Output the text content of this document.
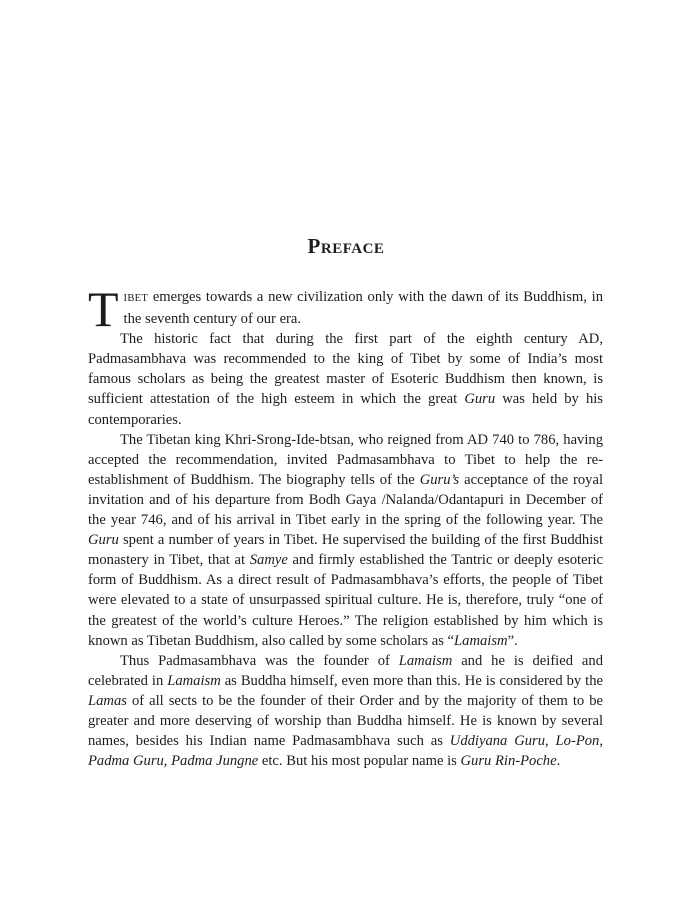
Preface

TIBET emerges towards a new civilization only with the dawn of its Buddhism, in the seventh century of our era.

The historic fact that during the first part of the eighth century AD, Padmasambhava was recommended to the king of Tibet by some of India’s most famous scholars as being the greatest master of Esoteric Buddhism then known, is sufficient attestation of the high esteem in which the great Guru was held by his contemporaries.

The Tibetan king Khri-Srong-Ide-btsan, who reigned from AD 740 to 786, having accepted the recommendation, invited Padmasambhava to Tibet to help the re-establishment of Buddhism. The biography tells of the Guru’s acceptance of the royal invitation and of his departure from Bodh Gaya /Nalanda/Odantapuri in December of the year 746, and of his arrival in Tibet early in the spring of the following year. The Guru spent a number of years in Tibet. He supervised the building of the first Buddhist monastery in Tibet, that at Samye and firmly established the Tantric or deeply esoteric form of Buddhism. As a direct result of Padmasambhava’s efforts, the people of Tibet were elevated to a state of unsurpassed spiritual culture. He is, therefore, truly “one of the greatest of the world’s culture Heroes.” The religion established by him which is known as Tibetan Buddhism, also called by some scholars as “Lamaism”.

Thus Padmasambhava was the founder of Lamaism and he is deified and celebrated in Lamaism as Buddha himself, even more than this. He is considered by the Lamas of all sects to be the founder of their Order and by the majority of them to be greater and more deserving of worship than Buddha himself. He is known by several names, besides his Indian name Padmasambhava such as Uddiyana Guru, Lo-Pon, Padma Guru, Padma Jungne etc. But his most popular name is Guru Rin-Poche.
